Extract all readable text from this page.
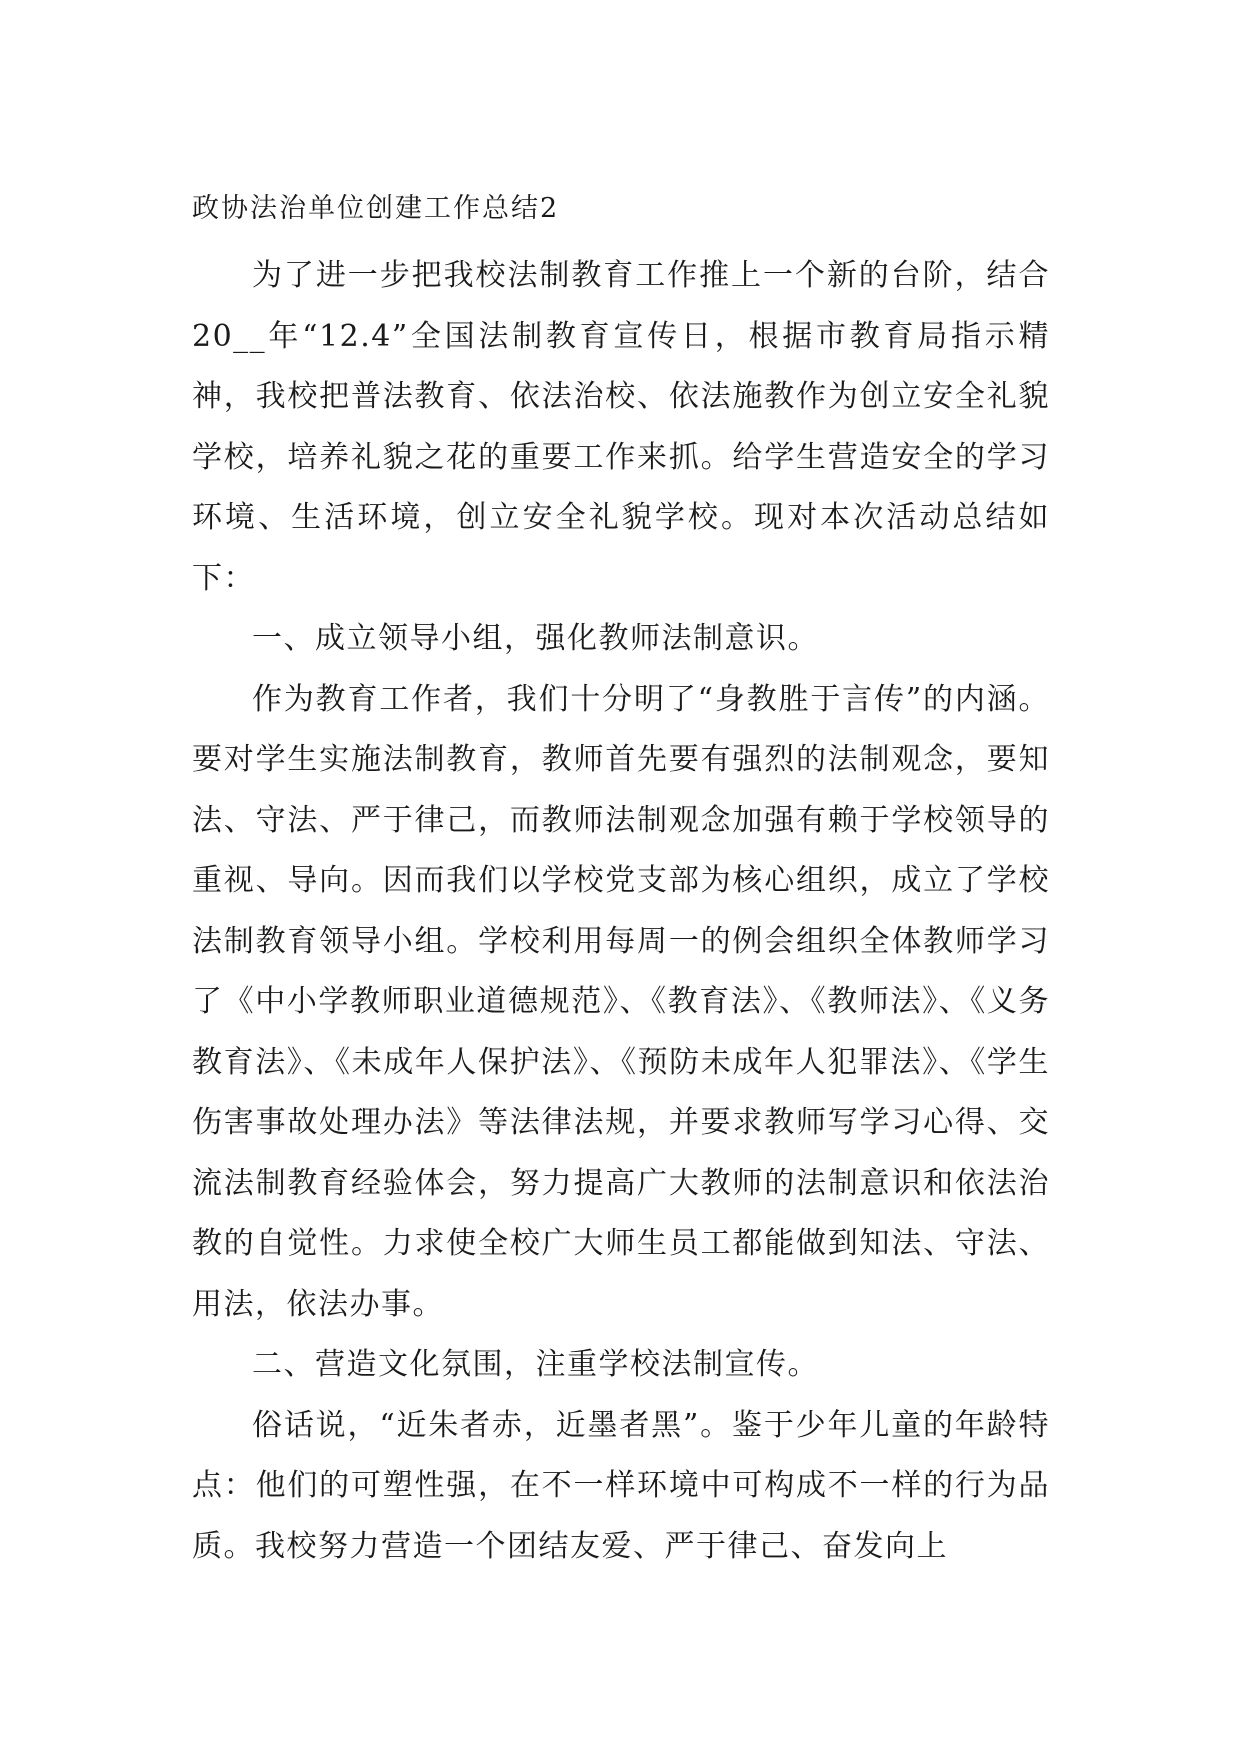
政协法治单位创建工作总结2

为了进一步把我校法制教育工作推上一个新的台阶，结合20__年“12.4”全国法制教育宣传日，根据市教育局指示精神，我校把普法教育、依法治校、依法施教作为创立安全礼貌学校，培养礼貌之花的重要工作来抓。给学生营造安全的学习环境、生活环境，创立安全礼貌学校。现对本次活动总结如下：

一、成立领导小组，强化教师法制意识。

作为教育工作者，我们十分明了“身教胜于言传”的内涵。要对学生实施法制教育，教师首先要有强烈的法制观念，要知法、守法、严于律己，而教师法制观念加强有赖于学校领导的重视、导向。因而我们以学校党支部为核心组织，成立了学校法制教育领导小组。学校利用每周一的例会组织全体教师学习了《中小学教师职业道德规范》、《教育法》、《教师法》、《义务教育法》、《未成年人保护法》、《预防未成年人犯罪法》、《学生伤害事故处理办法》等法律法规，并要求教师写学习心得、交流法制教育经验体会，努力提高广大教师的法制意识和依法治教的自觉性。力求使全校广大师生员工都能做到知法、守法、用法，依法办事。

二、营造文化氛围，注重学校法制宣传。

俗话说，“近朱者赤，近墨者黑”。鉴于少年儿童的年龄特点：他们的可塑性强，在不一样环境中可构成不一样的行为品质。我校努力营造一个团结友爱、严于律己、奋发向上
